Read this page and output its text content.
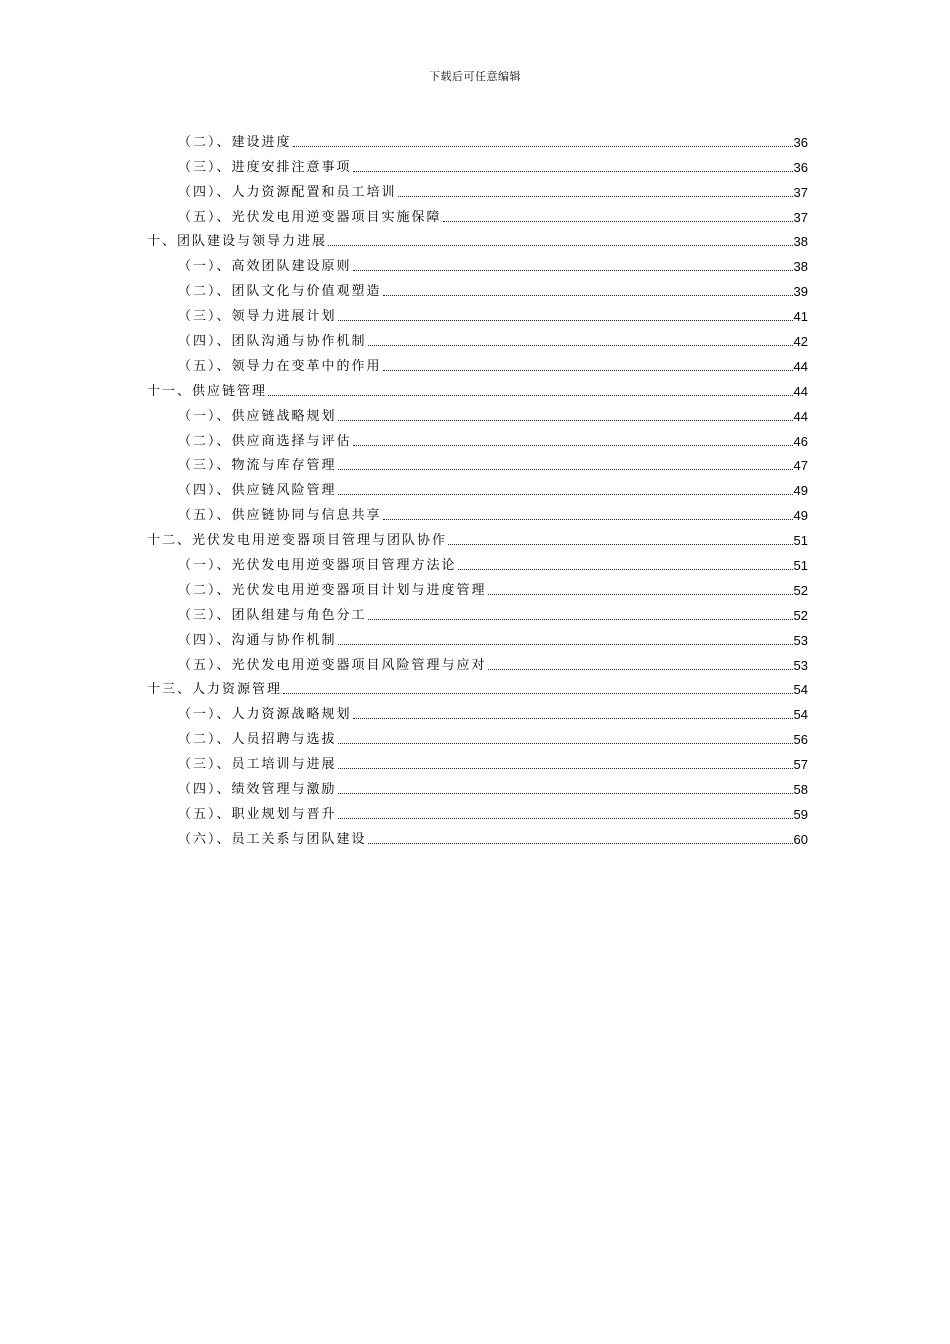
下载后可任意编辑
（二）、建设进度	36
（三）、进度安排注意事项	36
（四）、人力资源配置和员工培训	37
（五）、光伏发电用逆变器项目实施保障	37
十、团队建设与领导力进展	38
（一）、高效团队建设原则	38
（二）、团队文化与价值观塑造	39
（三）、领导力进展计划	41
（四）、团队沟通与协作机制	42
（五）、领导力在变革中的作用	44
十一、供应链管理	44
（一）、供应链战略规划	44
（二）、供应商选择与评估	46
（三）、物流与库存管理	47
（四）、供应链风险管理	49
（五）、供应链协同与信息共享	49
十二、光伏发电用逆变器项目管理与团队协作	51
（一）、光伏发电用逆变器项目管理方法论	51
（二）、光伏发电用逆变器项目计划与进度管理	52
（三）、团队组建与角色分工	52
（四）、沟通与协作机制	53
（五）、光伏发电用逆变器项目风险管理与应对	53
十三、人力资源管理	54
（一）、人力资源战略规划	54
（二）、人员招聘与选拔	56
（三）、员工培训与进展	57
（四）、绩效管理与激励	58
（五）、职业规划与晋升	59
（六）、员工关系与团队建设	60
